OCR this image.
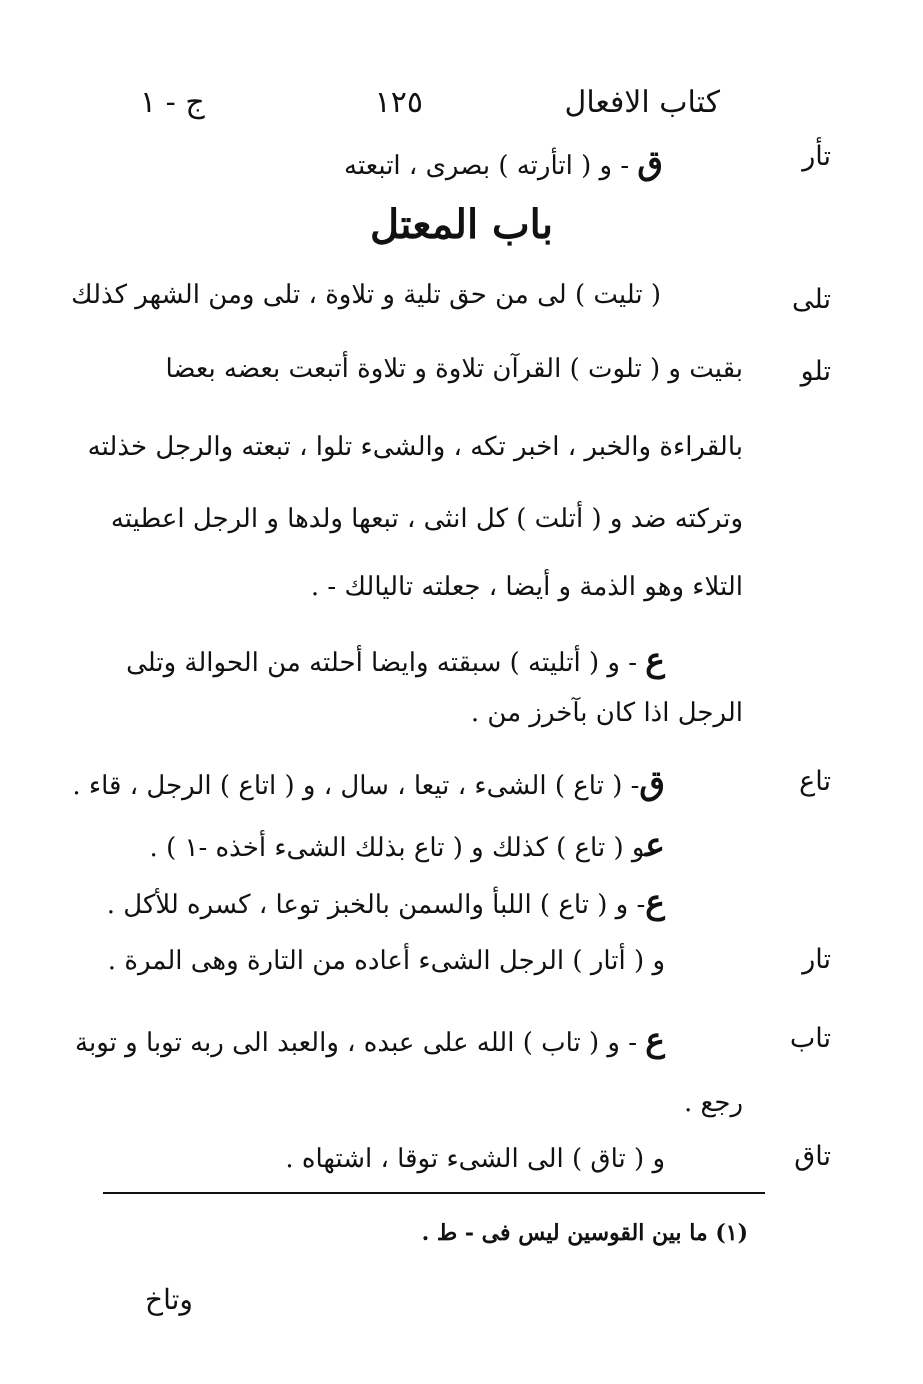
كتاب الافعال
١٢٥
ج - ١
تأر
تلى
تلو
تاع
تار
تاب
تاق
ق - و ( اتأرته ) بصرى ، اتبعته
باب المعتل
( تليت ) لى من حق تلية و تلاوة ، تلى ومن الشهر كذلك
بقيت و ( تلوت ) القرآن تلاوة و تلاوة أتبعت بعضه بعضا
بالقراءة والخبر ، اخبر تكه ، والشىء تلوا ، تبعته والرجل خذلته
وتركته ضد و ( أتلت ) كل انثى ، تبعها ولدها و الرجل اعطيته
التلاء وهو الذمة و أيضا ، جعلته تاليالك - .
ع - و ( أتليته ) سبقته وايضا أحلته من الحوالة وتلى
الرجل اذا كان بآخرز من .
ق- ( تاع ) الشىء ، تيعا ، سال ، و ( اتاع ) الرجل ، قاء .
عو ( تاع ) كذلك و ( تاع بذلك الشىء أخذه -١ ) .
ع- و ( تاع ) اللبأ والسمن بالخبز توعا ، كسره للأكل .
و ( أتار ) الرجل الشىء أعاده من التارة وهى المرة .
ع - و ( تاب ) الله على عبده ، والعبد الى ربه توبا و توبة
رجع .
و ( تاق ) الى الشىء توقا ، اشتهاه .
(١) ما بين القوسين ليس فى - ط .
وتاخ
